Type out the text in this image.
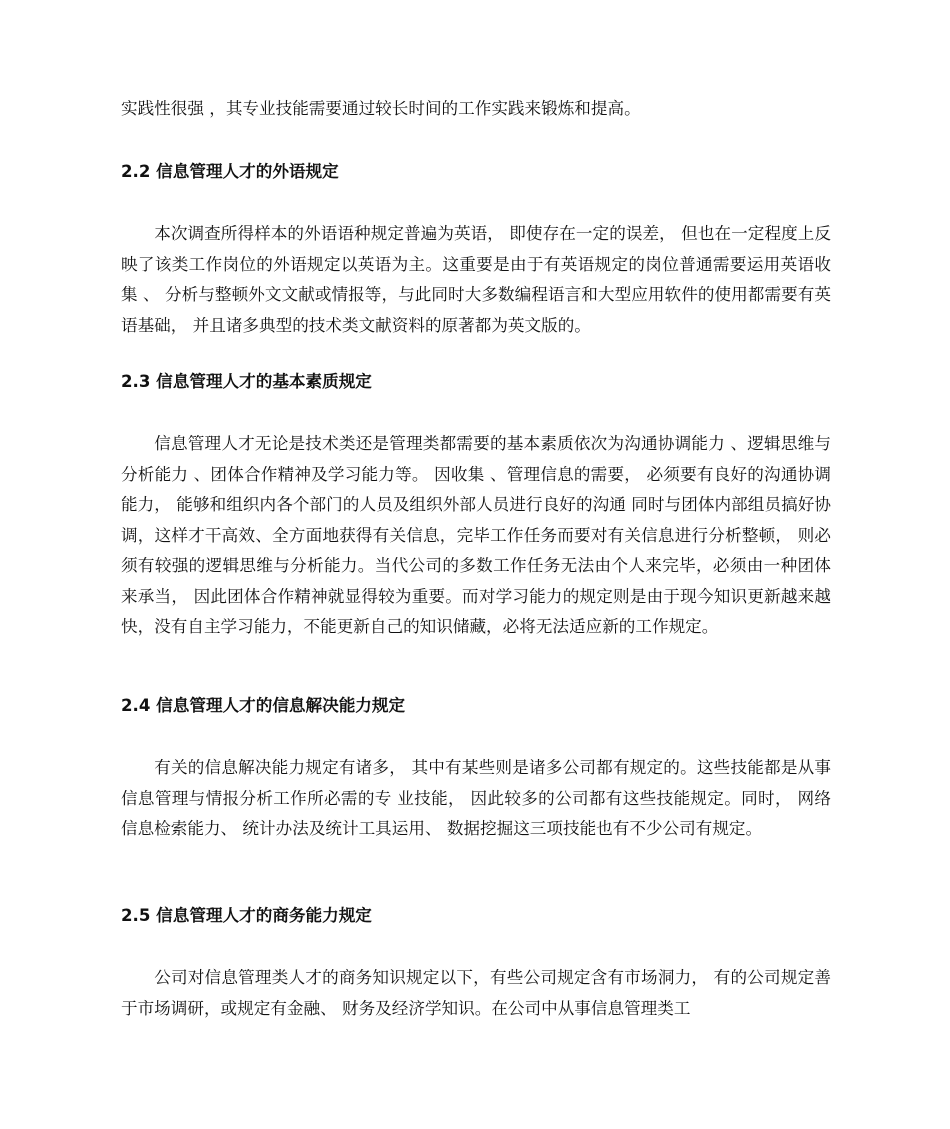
实践性很强 ，其专业技能需要通过较长时间的工作实践来锻炼和提高。

2.2 信息管理人才的外语规定

本次调查所得样本的外语语种规定普遍为英语， 即使存在一定的误差， 但也在一定程度上反映了该类工作岗位的外语规定以英语为主。这重要是由于有英语规定的岗位普通需要运用英语收集 、 分析与整顿外文文献或情报等，与此同时大多数编程语言和大型应用软件的使用都需要有英语基础， 并且诸多典型的技术类文献资料的原著都为英文版的。

2.3 信息管理人才的基本素质规定

信息管理人才无论是技术类还是管理类都需要的基本素质依次为沟通协调能力 、逻辑思维与分析能力 、团体合作精神及学习能力等。 因收集 、管理信息的需要， 必须要有良好的沟通协调能力， 能够和组织内各个部门的人员及组织外部人员进行良好的沟通 同时与团体内部组员搞好协调，这样才干高效、全方面地获得有关信息，完毕工作任务而要对有关信息进行分析整顿， 则必须有较强的逻辑思维与分析能力。当代公司的多数工作任务无法由个人来完毕，必须由一种团体来承当， 因此团体合作精神就显得较为重要。而对学习能力的规定则是由于现今知识更新越来越快，没有自主学习能力，不能更新自己的知识储藏，必将无法适应新的工作规定。

2.4 信息管理人才的信息解决能力规定

有关的信息解决能力规定有诸多， 其中有某些则是诸多公司都有规定的。这些技能都是从事信息管理与情报分析工作所必需的专 业技能， 因此较多的公司都有这些技能规定。同时， 网络信息检索能力、 统计办法及统计工具运用、 数据挖掘这三项技能也有不少公司有规定。

2.5 信息管理人才的商务能力规定

公司对信息管理类人才的商务知识规定以下，有些公司规定含有市场洞力， 有的公司规定善于市场调研，或规定有金融、 财务及经济学知识。在公司中从事信息管理类工
